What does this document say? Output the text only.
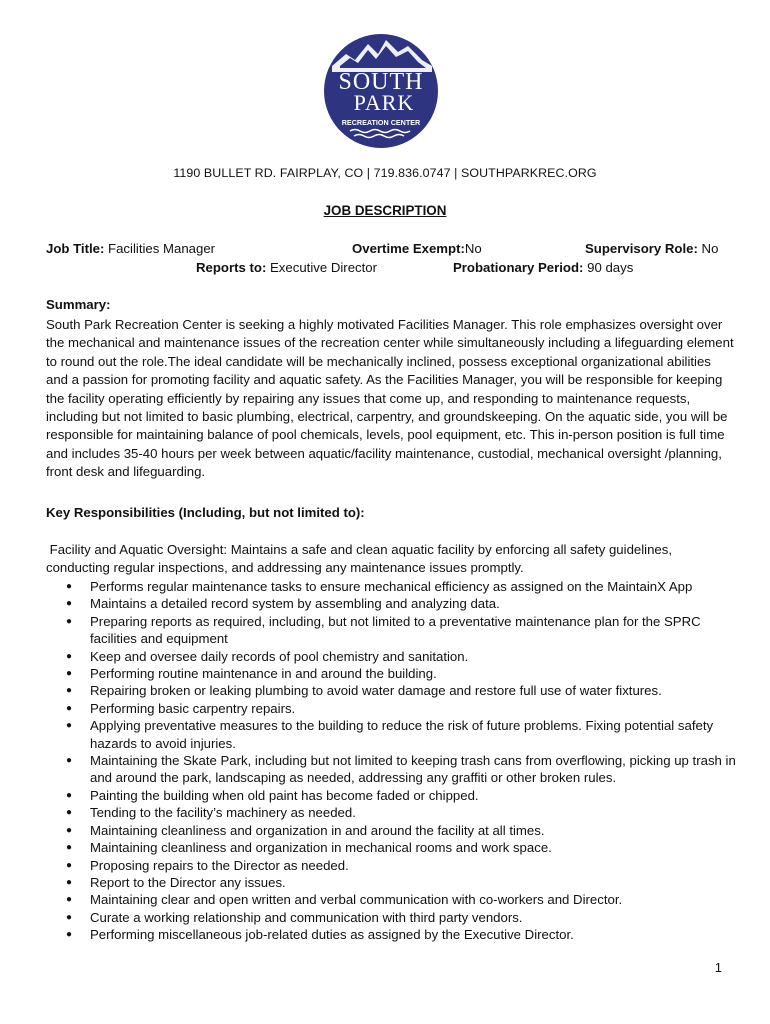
SOUTH
PARK
RECREATION CENTER
1190 BULLET RD. FAIRPLAY, CO | 719.836.0747 | SOUTHPARKREC.ORG
JOB DESCRIPTION
Job Title: Facilities Manager	Overtime Exempt:No	Supervisory Role: No
Reports to: Executive Director	Probationary Period: 90 days
Summary:

South Park Recreation Center is seeking a highly motivated Facilities Manager. This role emphasizes oversight over the mechanical and maintenance issues of the recreation center while simultaneously including a lifeguarding element to round out the role.The ideal candidate will be mechanically inclined, possess exceptional organizational abilities and a passion for promoting facility and aquatic safety. As the Facilities Manager, you will be responsible for keeping the facility operating efficiently by repairing any issues that come up, and responding to maintenance requests, including but not limited to basic plumbing, electrical, carpentry, and groundskeeping. On the aquatic side, you will be responsible for maintaining balance of pool chemicals, levels, pool equipment, etc. This in-person position is full time and includes 35-40 hours per week between aquatic/facility maintenance, custodial, mechanical oversight /planning, front desk and lifeguarding.

Key Responsibilities (Including, but not limited to):

Facility and Aquatic Oversight: Maintains a safe and clean aquatic facility by enforcing all safety guidelines, conducting regular inspections, and addressing any maintenance issues promptly.

● Performs regular maintenance tasks to ensure mechanical efficiency as assigned on the MaintainX App
● Maintains a detailed record system by assembling and analyzing data.
● Preparing reports as required, including, but not limited to a preventative maintenance plan for the SPRC facilities and equipment
● Keep and oversee daily records of pool chemistry and sanitation.
● Performing routine maintenance in and around the building.
● Repairing broken or leaking plumbing to avoid water damage and restore full use of water fixtures.
● Performing basic carpentry repairs.
● Applying preventative measures to the building to reduce the risk of future problems. Fixing potential safety hazards to avoid injuries.
● Maintaining the Skate Park, including but not limited to keeping trash cans from overflowing, picking up trash in and around the park, landscaping as needed, addressing any graffiti or other broken rules.
● Painting the building when old paint has become faded or chipped.
● Tending to the facility’s machinery as needed.
● Maintaining cleanliness and organization in and around the facility at all times.
● Maintaining cleanliness and organization in mechanical rooms and work space.
● Proposing repairs to the Director as needed.
● Report to the Director any issues.
● Maintaining clear and open written and verbal communication with co-workers and Director.
● Curate a working relationship and communication with third party vendors.
● Performing miscellaneous job-related duties as assigned by the Executive Director.
1
